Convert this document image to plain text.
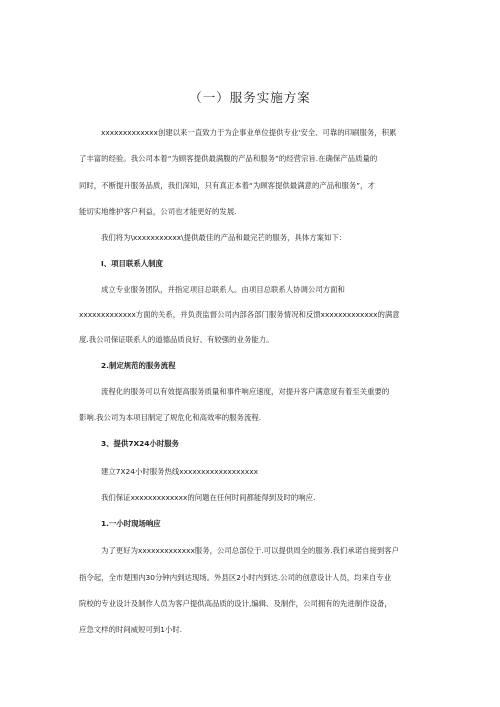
（一）服务实施方案
xxxxxxxxxxxxx创建以来一直致力于为企事业单位提供专业'安全、可靠的印刷服务，积累
了丰富的经验。我公司本着“为顾客提供最满腹的产品和服务”的经营宗旨.在确保产品质量的
同时，不断提升服务品质，我们深知，只有真正本着“为顾客提供最满意的产品和服务”，才
能切实地维护客户利益，公司也才能更好的发展.
我们将为\xxxxxxxxxxx\提供最佳的产品和最完芒的服务，具体方案如下：
I、项目联系人制度
成立专业服务团队，并指定项目总联系人。由项目总联系人协调公司方面和
xxxxxxxxxxxxx方面的关系，并负责监督公司内部各部门服务情况和反馈xxxxxxxxxxxxx的满意
度.我公司保证联系人的道德品质良好、有较强的业务能力。
2.制定规范的服务流程
流程化的服务可以有效提高服务质量和事件响应速度，对提升客户满意度有着至关重要的
影响.我公司为本项目制定了规危化和高效率的服务流程.
3、提供7X24小时服务
建立7X24小时服务热线xxxxxxxxxxxxxxxxxx
我们保证xxxxxxxxxxxxx的问题在任何时间都能得到及时的响应.
1.一小时现场响应
为了更好为xxxxxxxxxxxxx服务，公司总部位于.可以提供周全的服务.我们承诺自接到客户
指令起，全市楚围内30分钟内到达现场。外县区2小时内到达.公司的创意设计人员，均来自专业
院校的专业设计及制作人员为客户提供高品质的设计,编辑、及制作，公司拥有的先进制作设备，
应急文样的时间威短可到1小时.
